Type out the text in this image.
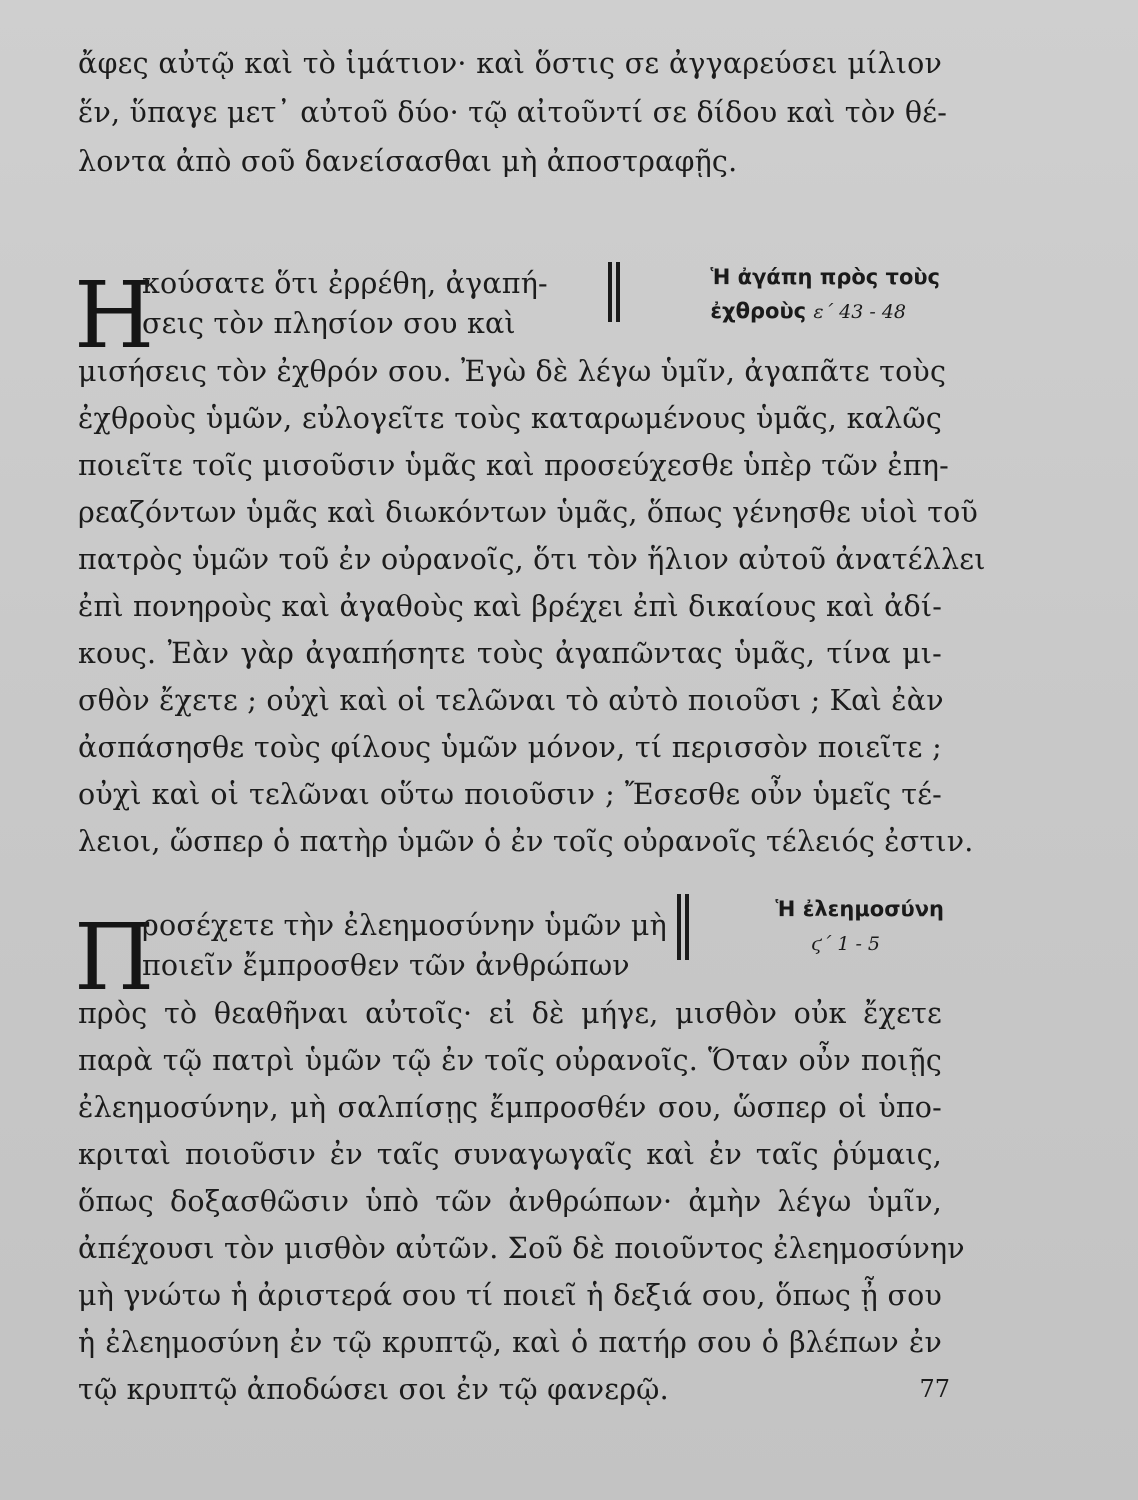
ἄφες αὐτῷ καὶ τὸ ἱμάτιον· καὶ ὅστις σε ἀγγαρεύσει μίλιον
ἕν, ὕπαγε μετ᾽ αὐτοῦ δύο· τῷ αἰτοῦντί σε δίδου καὶ τὸν θέ-
λοντα ἀπὸ σοῦ δανείσασθαι μὴ ἀποστραφῇς.
Η
κούσατε ὅτι ἐρρέθη, ἀγαπή-
σεις τὸν πλησίον σου καὶ
Ἡ ἀγάπη πρὸς τοὺς
ἐχθροὺς ε΄ 43 - 48
μισήσεις τὸν ἐχθρόν σου. Ἐγὼ δὲ λέγω ὑμῖν, ἀγαπᾶτε τοὺς
ἐχθροὺς ὑμῶν, εὐλογεῖτε τοὺς καταρωμένους ὑμᾶς, καλῶς
ποιεῖτε τοῖς μισοῦσιν ὑμᾶς καὶ προσεύχεσθε ὑπὲρ τῶν ἐπη-
ρεαζόντων ὑμᾶς καὶ διωκόντων ὑμᾶς, ὅπως γένησθε υἱοὶ τοῦ
πατρὸς ὑμῶν τοῦ ἐν οὐρανοῖς, ὅτι τὸν ἥλιον αὐτοῦ ἀνατέλλει
ἐπὶ πονηροὺς καὶ ἀγαθοὺς καὶ βρέχει ἐπὶ δικαίους καὶ ἀδί-
κους. Ἐὰν γὰρ ἀγαπήσητε τοὺς ἀγαπῶντας ὑμᾶς, τίνα μι-
σθὸν ἔχετε ; οὐχὶ καὶ οἱ τελῶναι τὸ αὐτὸ ποιοῦσι ; Καὶ ἐὰν
ἀσπάσησθε τοὺς φίλους ὑμῶν μόνον, τί περισσὸν ποιεῖτε ;
οὐχὶ καὶ οἱ τελῶναι οὕτω ποιοῦσιν ; Ἔσεσθε οὖν ὑμεῖς τέ-
λειοι, ὥσπερ ὁ πατὴρ ὑμῶν ὁ ἐν τοῖς οὐρανοῖς τέλειός ἐστιν.
Π
ροσέχετε τὴν ἐλεημοσύνην ὑμῶν μὴ
ποιεῖν ἔμπροσθεν τῶν ἀνθρώπων
Ἡ ἐλεημοσύνη
ϛ΄ 1 - 5
πρὸς τὸ θεαθῆναι αὐτοῖς· εἰ δὲ μήγε, μισθὸν οὐκ ἔχετε
παρὰ τῷ πατρὶ ὑμῶν τῷ ἐν τοῖς οὐρανοῖς. Ὅταν οὖν ποιῇς
ἐλεημοσύνην, μὴ σαλπίσῃς ἔμπροσθέν σου, ὥσπερ οἱ ὑπο-
κριταὶ ποιοῦσιν ἐν ταῖς συναγωγαῖς καὶ ἐν ταῖς ῥύμαις,
ὅπως δοξασθῶσιν ὑπὸ τῶν ἀνθρώπων· ἀμὴν λέγω ὑμῖν,
ἀπέχουσι τὸν μισθὸν αὐτῶν. Σοῦ δὲ ποιοῦντος ἐλεημοσύνην
μὴ γνώτω ἡ ἀριστερά σου τί ποιεῖ ἡ δεξιά σου, ὅπως ᾖ σου
ἡ ἐλεημοσύνη ἐν τῷ κρυπτῷ, καὶ ὁ πατήρ σου ὁ βλέπων ἐν
τῷ κρυπτῷ ἀποδώσει σοι ἐν τῷ φανερῷ.	77
